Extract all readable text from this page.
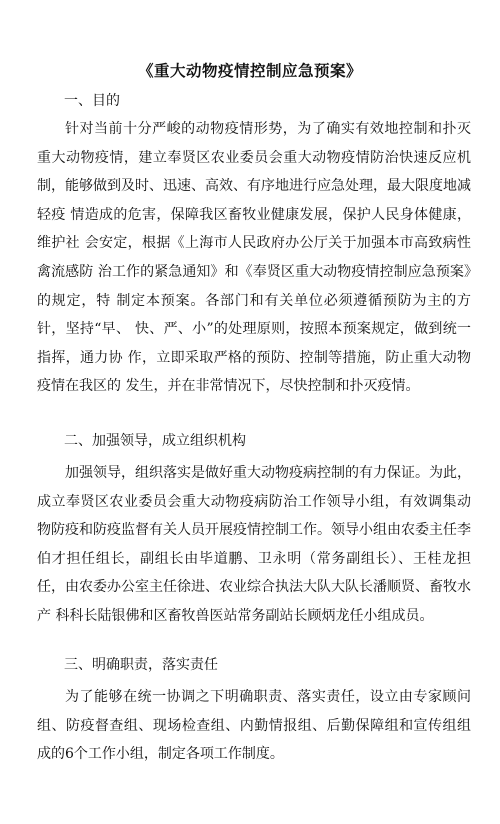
《重大动物疫情控制应急预案》
一、目的
针对当前十分严峻的动物疫情形势，为了确实有效地控制和扑灭 重大动物疫情，建立奉贤区农业委员会重大动物疫情防治快速反应机制，能够做到及时、迅速、高效、有序地进行应急处理，最大限度地减轻疫 情造成的危害，保障我区畜牧业健康发展，保护人民身体健康，维护社 会安定，根据《上海市人民政府办公厅关于加强本市高致病性禽流感防 治工作的紧急通知》和《奉贤区重大动物疫情控制应急预案》的规定，特 制定本预案。各部门和有关单位必须遵循预防为主的方针，坚持“早、 快、严、小”的处理原则，按照本预案规定，做到统一指挥，通力协 作，立即采取严格的预防、控制等措施，防止重大动物疫情在我区的 发生，并在非常情况下，尽快控制和扑灭疫情。
二、加强领导，成立组织机构
加强领导，组织落实是做好重大动物疫病控制的有力保证。为此， 成立奉贤区农业委员会重大动物疫病防治工作领导小组，有效调集动 物防疫和防疫监督有关人员开展疫情控制工作。领导小组由农委主任李 伯才担任组长，副组长由毕道鹏、卫永明（常务副组长）、王桂龙担任，由农委办公室主任徐进、农业综合执法大队大队长潘顺贤、畜牧水产 科科长陆银佛和区畜牧兽医站常务副站长顾炳龙任小组成员。
三、明确职责，落实责任
为了能够在统一协调之下明确职责、落实责任，设立由专家顾问组、防疫督查组、现场检查组、内勤情报组、后勤保障组和宣传组组 成的6个工作小组，制定各项工作制度。
